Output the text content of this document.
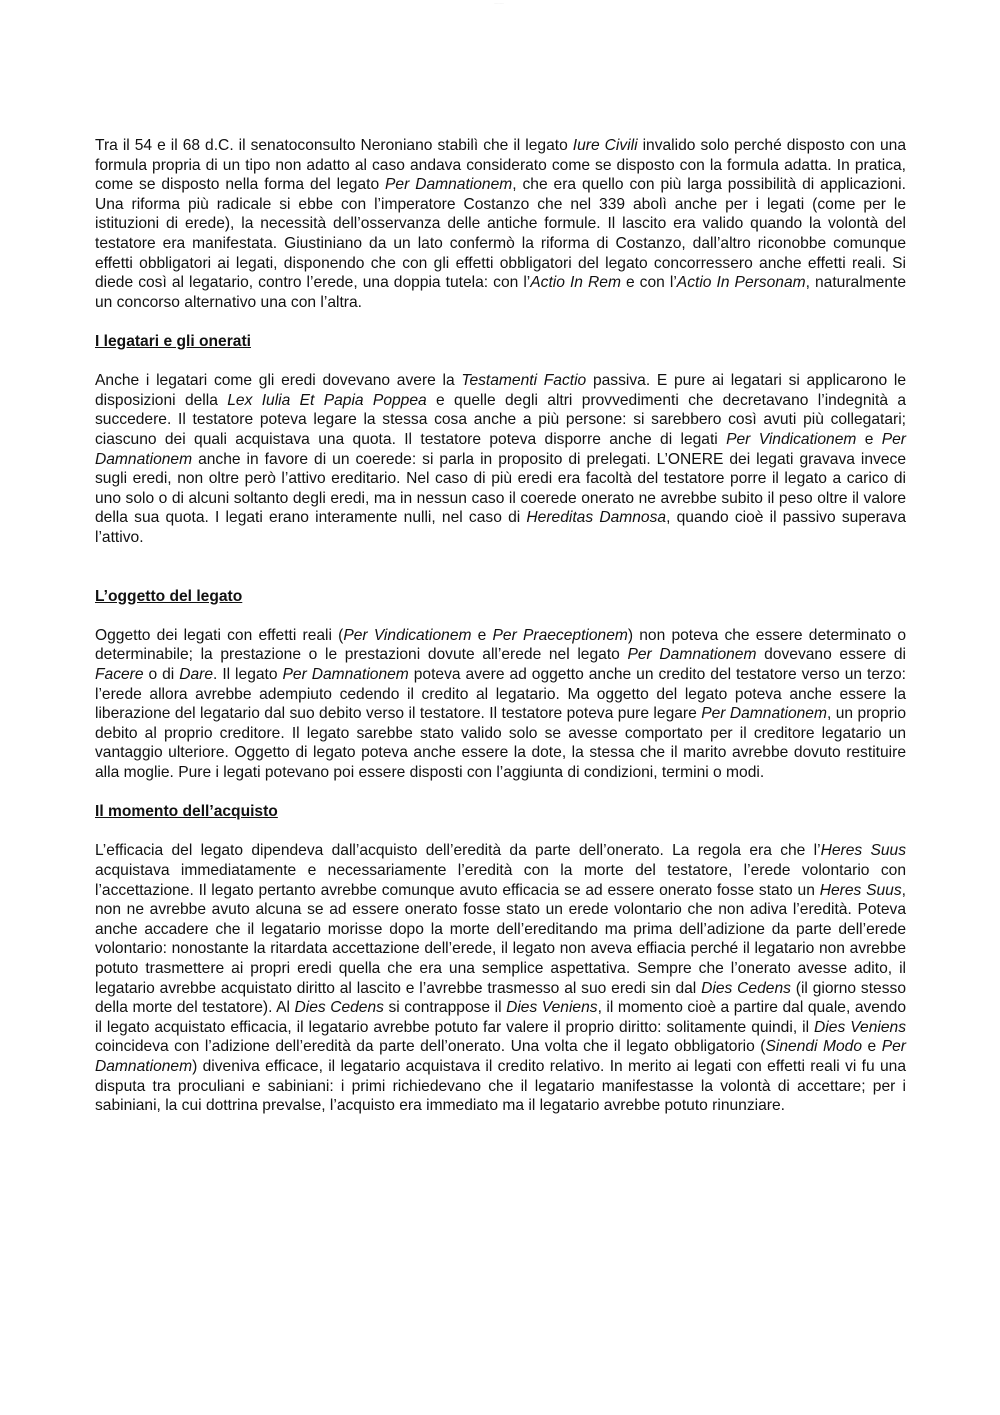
............

Tra il 54 e il 68 d.C. il senatoconsulto Neroniano stabilì che il legato Iure Civili invalido solo perché disposto con una formula propria di un tipo non adatto al caso andava considerato come se disposto con la formula adatta. In pratica, come se disposto nella forma del legato Per Damnationem, che era quello con più larga possibilità di applicazioni. Una riforma più radicale si ebbe con l’imperatore Costanzo che nel 339 abolì anche per i legati (come per le istituzioni di erede), la necessità dell’osservanza delle antiche formule. Il lascito era valido quando la volontà del testatore era manifestata. Giustiniano da un lato confermò la riforma di Costanzo, dall’altro riconobbe comunque effetti obbligatori ai legati, disponendo che con gli effetti obbligatori del legato concorressero anche effetti reali. Si diede così al legatario, contro l’erede, una doppia tutela: con l’Actio In Rem e con l’Actio In Personam, naturalmente un concorso alternativo una con l’altra.

I legatari e gli onerati

Anche i legatari come gli eredi dovevano avere la Testamenti Factio passiva. E pure ai legatari si applicarono le disposizioni della Lex Iulia Et Papia Poppea e quelle degli altri provvedimenti che decretavano l’indegnità a succedere. Il testatore poteva legare la stessa cosa anche a più persone: si sarebbero così avuti più collegatari; ciascuno dei quali acquistava una quota. Il testatore poteva disporre anche di legati Per Vindicationem e Per Damnationem anche in favore di un coerede: si parla in proposito di prelegati. L’ONERE dei legati gravava invece sugli eredi, non oltre però l’attivo ereditario. Nel caso di più eredi era facoltà del testatore porre il legato a carico di uno solo o di alcuni soltanto degli eredi, ma in nessun caso il coerede onerato ne avrebbe subito il peso oltre il valore della sua quota. I legati erano interamente nulli, nel caso di Hereditas Damnosa, quando cioè il passivo superava l’attivo.

L’oggetto del legato

Oggetto dei legati con effetti reali (Per Vindicationem e Per Praeceptionem) non poteva che essere determinato o determinabile; la prestazione o le prestazioni dovute all’erede nel legato Per Damnationem dovevano essere di Facere o di Dare. Il legato Per Damnationem poteva avere ad oggetto anche un credito del testatore verso un terzo: l’erede allora avrebbe adempiuto cedendo il credito al legatario. Ma oggetto del legato poteva anche essere la liberazione del legatario dal suo debito verso il testatore. Il testatore poteva pure legare Per Damnationem, un proprio debito al proprio creditore. Il legato sarebbe stato valido solo se avesse comportato per il creditore legatario un vantaggio ulteriore. Oggetto di legato poteva anche essere la dote, la stessa che il marito avrebbe dovuto restituire alla moglie. Pure i legati potevano poi essere disposti con l’aggiunta di condizioni, termini o modi.

Il momento dell’acquisto

L’efficacia del legato dipendeva dall’acquisto dell’eredità da parte dell’onerato. La regola era che l’Heres Suus acquistava immediatamente e necessariamente l’eredità con la morte del testatore, l’erede volontario con l’accettazione. Il legato pertanto avrebbe comunque avuto efficacia se ad essere onerato fosse stato un Heres Suus, non ne avrebbe avuto alcuna se ad essere onerato fosse stato un erede volontario che non adiva l’eredità. Poteva anche accadere che il legatario morisse dopo la morte dell’ereditando ma prima dell’adizione da parte dell’erede volontario: nonostante la ritardata accettazione dell’erede, il legato non aveva effiacia perché il legatario non avrebbe potuto trasmettere ai propri eredi quella che era una semplice aspettativa. Sempre che l’onerato avesse adito, il legatario avrebbe acquistato diritto al lascito e l’avrebbe trasmesso al suo eredi sin dal Dies Cedens (il giorno stesso della morte del testatore). Al Dies Cedens si contrappose il Dies Veniens, il momento cioè a partire dal quale, avendo il legato acquistato efficacia, il legatario avrebbe potuto far valere il proprio diritto: solitamente quindi, il Dies Veniens coincideva con l’adizione dell’eredità da parte dell’onerato. Una volta che il legato obbligatorio (Sinendi Modo e Per Damnationem) diveniva efficace, il legatario acquistava il credito relativo. In merito ai legati con effetti reali vi fu una disputa tra proculiani e sabiniani: i primi richiedevano che il legatario manifestasse la volontà di accettare; per i sabiniani, la cui dottrina prevalse, l’acquisto era immediato ma il legatario avrebbe potuto rinunziare.
